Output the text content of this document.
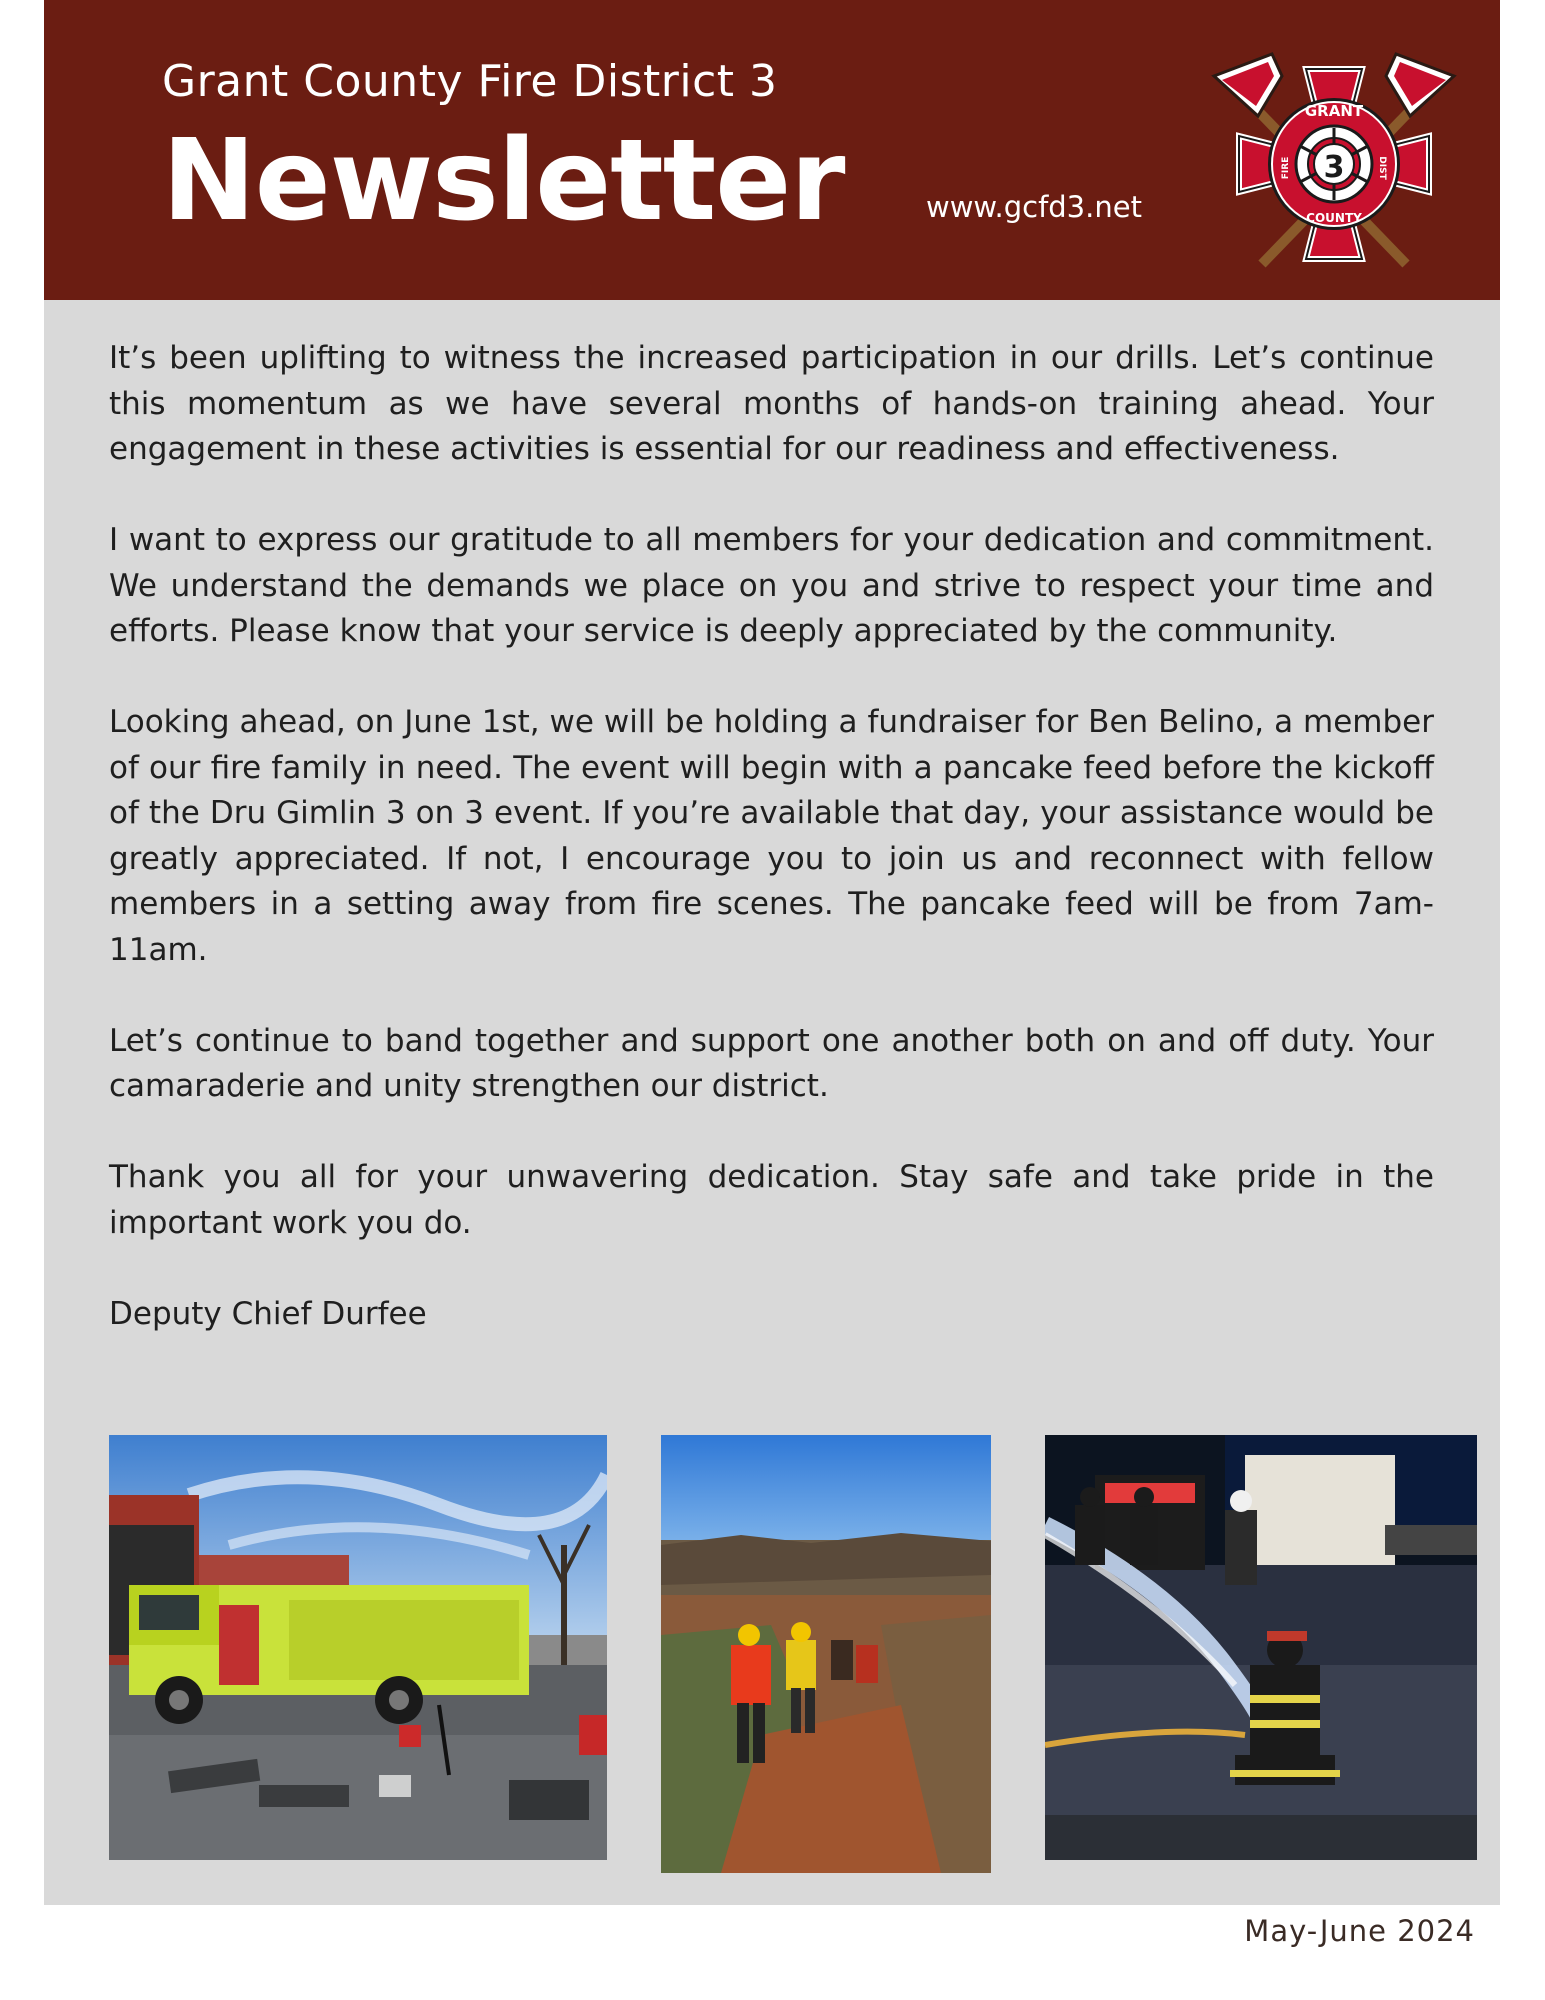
Grant County Fire District 3
Newsletter	www.gcfd3.net
3
GRANT
COUNTY
FIRE	DIST

It’s been uplifting to witness the increased participation in our drills. Let’s continue this momentum as we have several months of hands-on training ahead. Your engagement in these activities is essential for our readiness and effectiveness.

I want to express our gratitude to all members for your dedication and commitment. We understand the demands we place on you and strive to respect your time and efforts. Please know that your service is deeply appreciated by the community.

Looking ahead, on June 1st, we will be holding a fundraiser for Ben Belino, a member of our fire family in need. The event will begin with a pancake feed before the kickoff of the Dru Gimlin 3 on 3 event. If you’re available that day, your assistance would be greatly appreciated. If not, I encourage you to join us and reconnect with fellow members in a setting away from fire scenes. The pancake feed will be from 7am-11am.

Let’s continue to band together and support one another both on and off duty. Your camaraderie and unity strengthen our district.

Thank you all for your unwavering dedication. Stay safe and take pride in the important work you do.

Deputy Chief Durfee

May-June 2024
